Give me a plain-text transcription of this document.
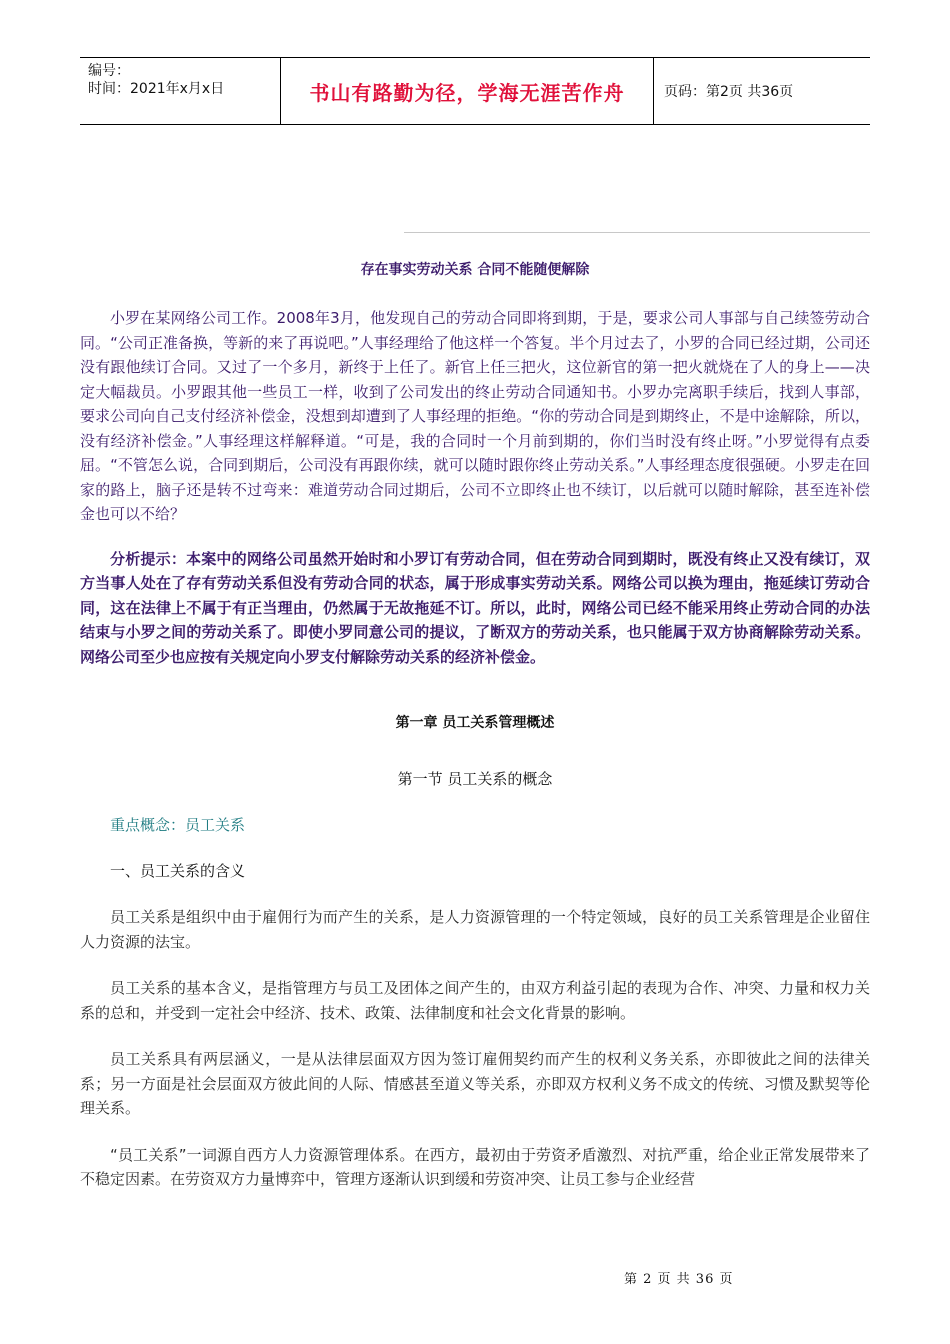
编号：
时间：2021年x月x日	书山有路勤为径，学海无涯苦作舟	页码：第2页 共36页
存在事实劳动关系 合同不能随便解除

小罗在某网络公司工作。2008年3月，他发现自己的劳动合同即将到期，于是，要求公司人事部与自己续签劳动合同。“公司正准备换，等新的来了再说吧。”人事经理给了他这样一个答复。半个月过去了，小罗的合同已经过期，公司还没有跟他续订合同。又过了一个多月，新终于上任了。新官上任三把火，这位新官的第一把火就烧在了人的身上——决定大幅裁员。小罗跟其他一些员工一样，收到了公司发出的终止劳动合同通知书。小罗办完离职手续后，找到人事部，要求公司向自己支付经济补偿金，没想到却遭到了人事经理的拒绝。“你的劳动合同是到期终止，不是中途解除，所以，没有经济补偿金。”人事经理这样解释道。“可是，我的合同时一个月前到期的，你们当时没有终止呀。”小罗觉得有点委屈。“不管怎么说，合同到期后，公司没有再跟你续，就可以随时跟你终止劳动关系。”人事经理态度很强硬。小罗走在回家的路上，脑子还是转不过弯来：难道劳动合同过期后，公司不立即终止也不续订，以后就可以随时解除，甚至连补偿金也可以不给？

分析提示：本案中的网络公司虽然开始时和小罗订有劳动合同，但在劳动合同到期时，既没有终止又没有续订，双方当事人处在了存有劳动关系但没有劳动合同的状态，属于形成事实劳动关系。网络公司以换为理由，拖延续订劳动合同，这在法律上不属于有正当理由，仍然属于无故拖延不订。所以，此时，网络公司已经不能采用终止劳动合同的办法结束与小罗之间的劳动关系了。即使小罗同意公司的提议，了断双方的劳动关系，也只能属于双方协商解除劳动关系。网络公司至少也应按有关规定向小罗支付解除劳动关系的经济补偿金。

第一章 员工关系管理概述
第一节 员工关系的概念
重点概念：员工关系
一、员工关系的含义

员工关系是组织中由于雇佣行为而产生的关系，是人力资源管理的一个特定领域，良好的员工关系管理是企业留住人力资源的法宝。

员工关系的基本含义，是指管理方与员工及团体之间产生的，由双方利益引起的表现为合作、冲突、力量和权力关系的总和，并受到一定社会中经济、技术、政策、法律制度和社会文化背景的影响。

员工关系具有两层涵义，一是从法律层面双方因为签订雇佣契约而产生的权利义务关系，亦即彼此之间的法律关系；另一方面是社会层面双方彼此间的人际、情感甚至道义等关系，亦即双方权利义务不成文的传统、习惯及默契等伦理关系。

“员工关系”一词源自西方人力资源管理体系。在西方，最初由于劳资矛盾激烈、对抗严重，给企业正常发展带来了不稳定因素。在劳资双方力量博弈中，管理方逐渐认识到缓和劳资冲突、让员工参与企业经营

第 2 页 共 36 页
